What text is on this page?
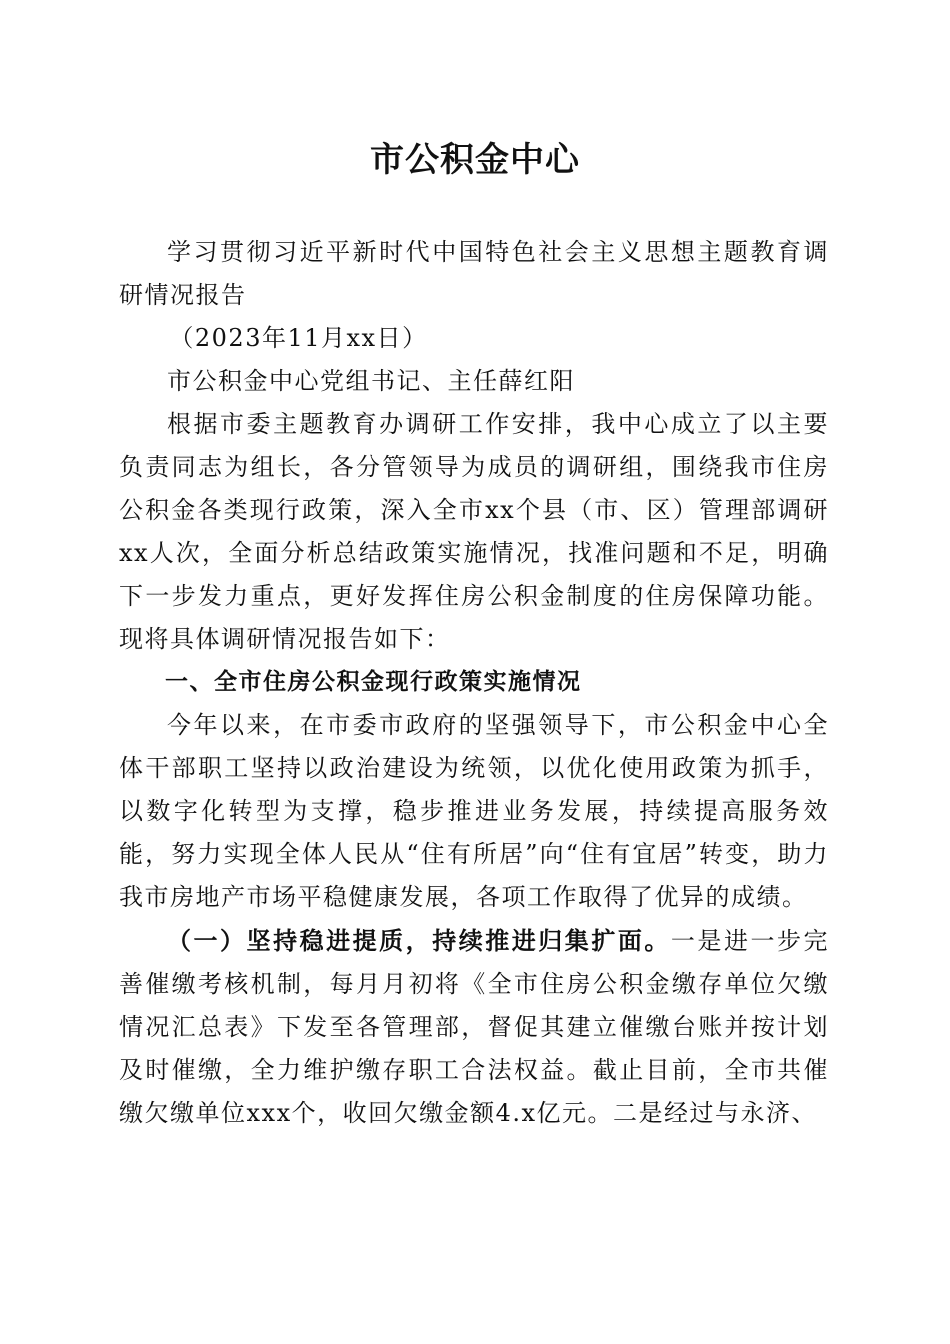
市公积金中心

学习贯彻习近平新时代中国特色社会主义思想主题教育调研情况报告

（2023年11月xx日）

市公积金中心党组书记、主任薛红阳

根据市委主题教育办调研工作安排，我中心成立了以主要负责同志为组长，各分管领导为成员的调研组，围绕我市住房公积金各类现行政策，深入全市xx个县（市、区）管理部调研xx人次，全面分析总结政策实施情况，找准问题和不足，明确下一步发力重点，更好发挥住房公积金制度的住房保障功能。现将具体调研情况报告如下：

一、全市住房公积金现行政策实施情况

今年以来，在市委市政府的坚强领导下，市公积金中心全体干部职工坚持以政治建设为统领，以优化使用政策为抓手，以数字化转型为支撑，稳步推进业务发展，持续提高服务效能，努力实现全体人民从“住有所居”向“住有宜居”转变，助力我市房地产市场平稳健康发展，各项工作取得了优异的成绩。

（一）坚持稳进提质，持续推进归集扩面。一是进一步完善催缴考核机制，每月月初将《全市住房公积金缴存单位欠缴情况汇总表》下发至各管理部，督促其建立催缴台账并按计划及时催缴，全力维护缴存职工合法权益。截止目前，全市共催缴欠缴单位xxx个，收回欠缴金额4.x亿元。二是经过与永济、
